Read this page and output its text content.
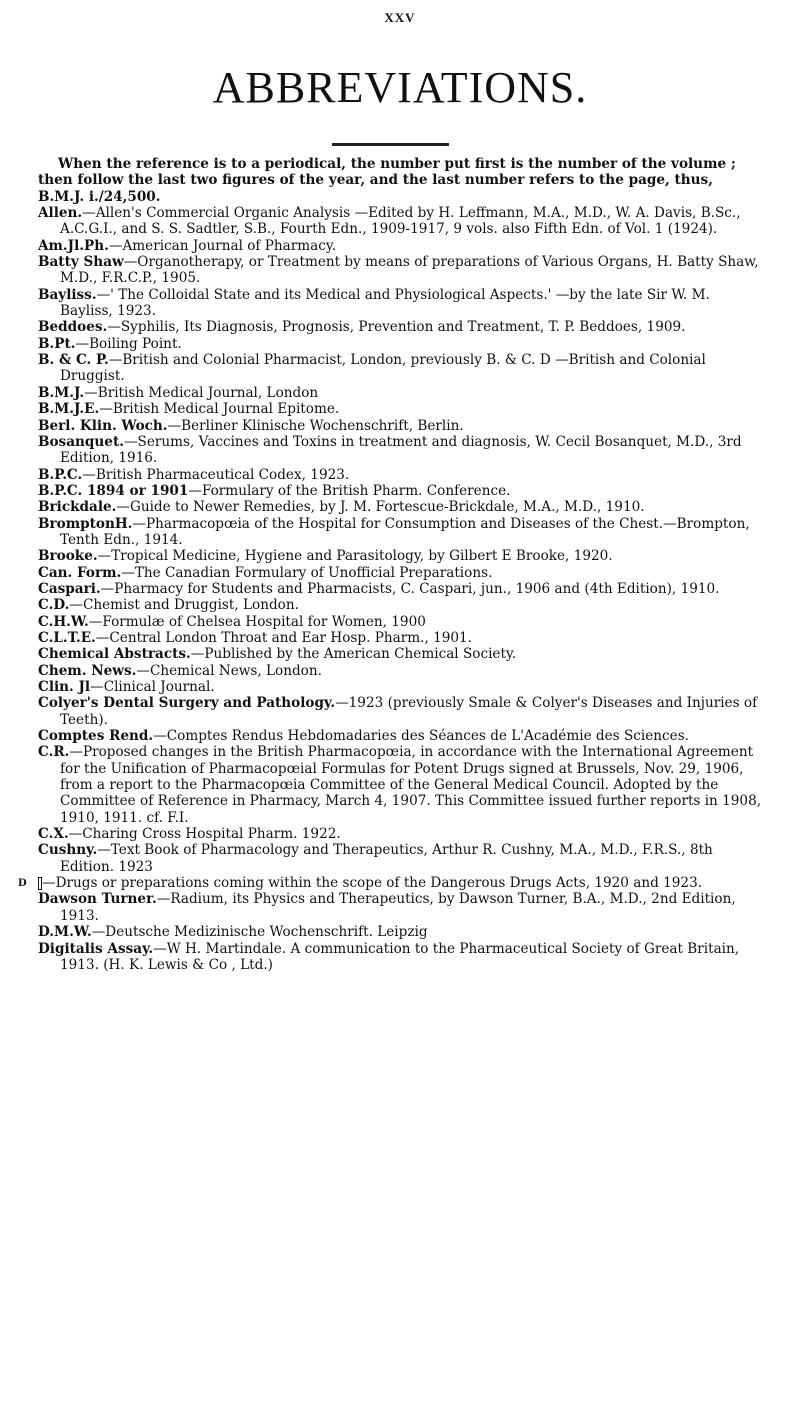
XXV
ABBREVIATIONS.

When the reference is to a periodical, the number put first is the number of the volume ; then follow the last two figures of the year, and the last number refers to the page, thus, B.M.J. i./24,500.

Allen.—Allen's Commercial Organic Analysis —Edited by H. Leffmann, M.A., M.D., W. A. Davis, B.Sc., A.C.G.I., and S. S. Sadtler, S.B., Fourth Edn., 1909-1917, 9 vols. also Fifth Edn. of Vol. 1 (1924).

Am.Jl.Ph.—American Journal of Pharmacy.

Batty Shaw—Organotherapy, or Treatment by means of preparations of Various Organs, H. Batty Shaw, M.D., F.R.C.P., 1905.

Bayliss.—' The Colloidal State and its Medical and Physiological Aspects.' —by the late Sir W. M. Bayliss, 1923.

Beddoes.—Syphilis, Its Diagnosis, Prognosis, Prevention and Treatment, T. P. Beddoes, 1909.

B.Pt.—Boiling Point.

B. & C. P.—British and Colonial Pharmacist, London, previously B. & C. D —British and Colonial Druggist.

B.M.J.—British Medical Journal, London

B.M.J.E.—British Medical Journal Epitome.

Berl. Klin. Woch.—Berliner Klinische Wochenschrift, Berlin.

Bosanquet.—Serums, Vaccines and Toxins in treatment and diagnosis, W. Cecil Bosanquet, M.D., 3rd Edition, 1916.

B.P.C.—British Pharmaceutical Codex, 1923.

B.P.C. 1894 or 1901—Formulary of the British Pharm. Conference.

Brickdale.—Guide to Newer Remedies, by J. M. Fortescue-Brickdale, M.A., M.D., 1910.

BromptonH.—Pharmacopœia of the Hospital for Consumption and Diseases of the Chest.—Brompton, Tenth Edn., 1914.

Brooke.—Tropical Medicine, Hygiene and Parasitology, by Gilbert E Brooke, 1920.

Can. Form.—The Canadian Formulary of Unofficial Preparations.

Caspari.—Pharmacy for Students and Pharmacists, C. Caspari, jun., 1906 and (4th Edition), 1910.

C.D.—Chemist and Druggist, London.

C.H.W.—Formulæ of Chelsea Hospital for Women, 1900

C.L.T.E.—Central London Throat and Ear Hosp. Pharm., 1901.

Chemical Abstracts.—Published by the American Chemical Society.

Chem. News.—Chemical News, London.

Clin. Jl—Clinical Journal.

Colyer's Dental Surgery and Pathology.—1923 (previously Smale & Colyer's Diseases and Injuries of Teeth).

Comptes Rend.—Comptes Rendus Hebdomadaries des Séances de L'Académie des Sciences.

C.R.—Proposed changes in the British Pharmacopœia, in accordance with the International Agreement for the Unification of Pharmacopœial Formulas for Potent Drugs signed at Brussels, Nov. 29, 1906, from a report to the Pharmacopœia Committee of the General Medical Council. Adopted by the Committee of Reference in Pharmacy, March 4, 1907. This Committee issued further reports in 1908, 1910, 1911. cf. F.I.

C.X.—Charing Cross Hospital Pharm. 1922.

Cushny.—Text Book of Pharmacology and Therapeutics, Arthur R. Cushny, M.A., M.D., F.R.S., 8th Edition. 1923

D —Drugs or preparations coming within the scope of the Dangerous Drugs Acts, 1920 and 1923.

Dawson Turner.—Radium, its Physics and Therapeutics, by Dawson Turner, B.A., M.D., 2nd Edition, 1913.

D.M.W.—Deutsche Medizinische Wochenschrift. Leipzig

Digitalis Assay.—W H. Martindale. A communication to the Pharmaceutical Society of Great Britain, 1913. (H. K. Lewis & Co , Ltd.)
